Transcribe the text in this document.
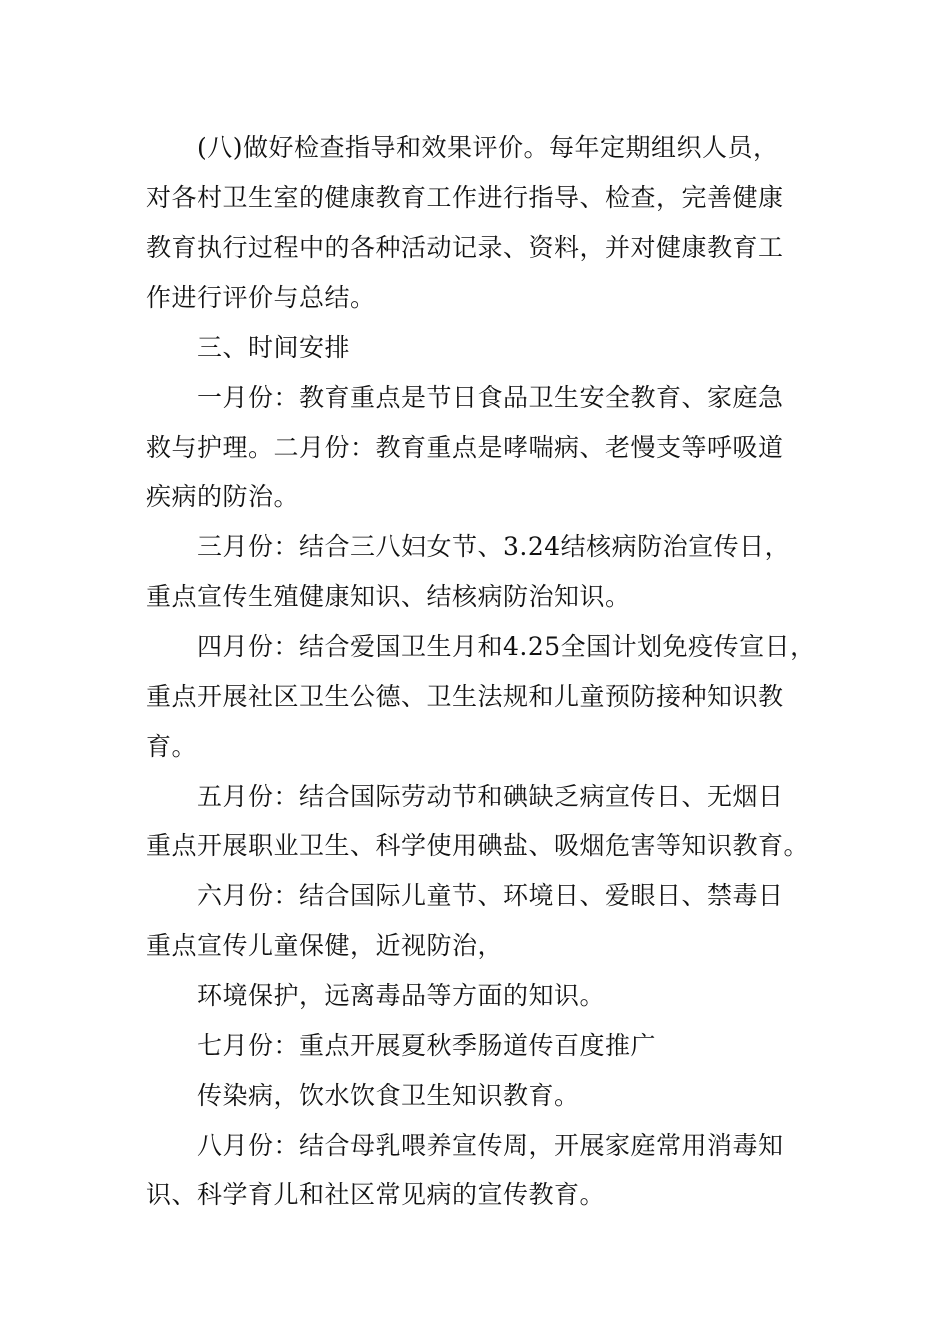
(八)做好检查指导和效果评价。每年定期组织人员，
对各村卫生室的健康教育工作进行指导、检查，完善健康
教育执行过程中的各种活动记录、资料，并对健康教育工
作进行评价与总结。
三、时间安排
一月份：教育重点是节日食品卫生安全教育、家庭急
救与护理。二月份：教育重点是哮喘病、老慢支等呼吸道
疾病的防治。
三月份：结合三八妇女节、3.24结核病防治宣传日，
重点宣传生殖健康知识、结核病防治知识。
四月份：结合爱国卫生月和4.25全国计划免疫传宣日，
重点开展社区卫生公德、卫生法规和儿童预防接种知识教
育。
五月份：结合国际劳动节和碘缺乏病宣传日、无烟日
重点开展职业卫生、科学使用碘盐、吸烟危害等知识教育。
六月份：结合国际儿童节、环境日、爱眼日、禁毒日
重点宣传儿童保健，近视防治，
环境保护，远离毒品等方面的知识。
七月份：重点开展夏秋季肠道传百度推广
传染病，饮水饮食卫生知识教育。
八月份：结合母乳喂养宣传周，开展家庭常用消毒知
识、科学育儿和社区常见病的宣传教育。
